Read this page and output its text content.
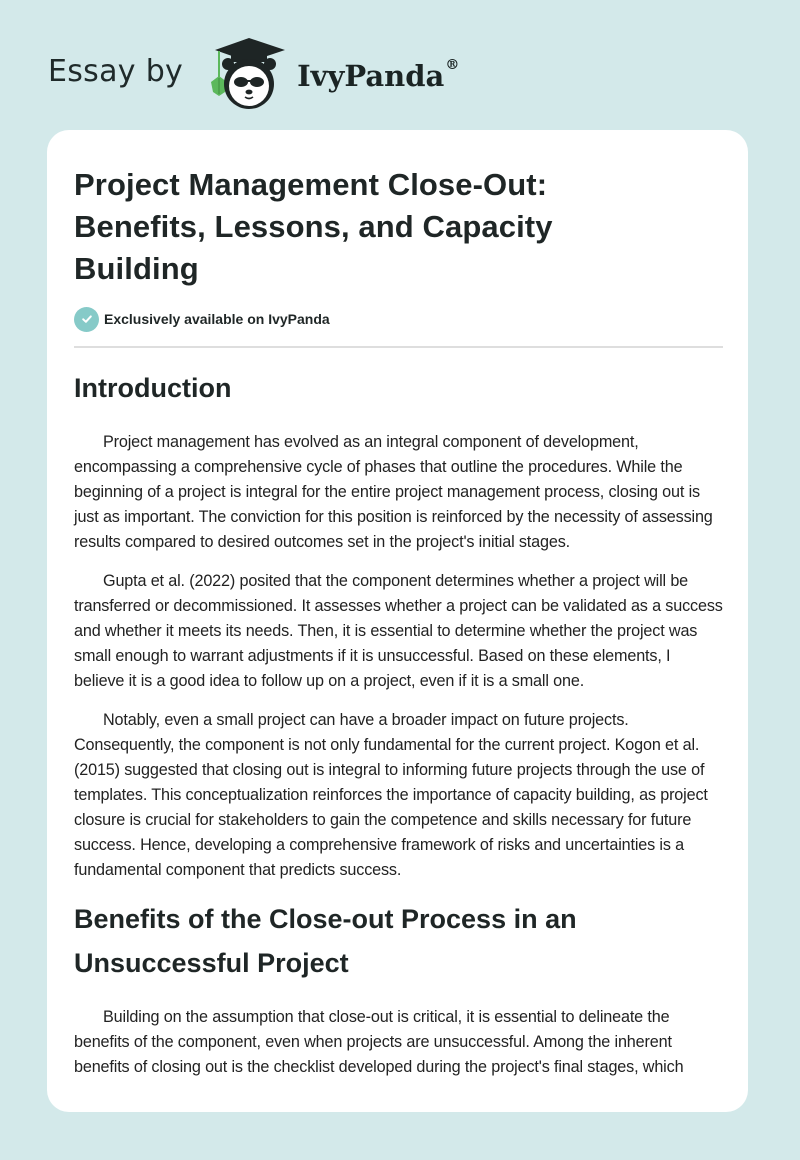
Essay by	IvyPanda®
Project Management Close-Out:
Benefits, Lessons, and Capacity
Building
Exclusively available on IvyPanda
Introduction

Project management has evolved as an integral component of development, encompassing a comprehensive cycle of phases that outline the procedures. While the beginning of a project is integral for the entire project management process, closing out is just as important. The conviction for this position is reinforced by the necessity of assessing results compared to desired outcomes set in the project's initial stages.

Gupta et al. (2022) posited that the component determines whether a project will be transferred or decommissioned. It assesses whether a project can be validated as a success and whether it meets its needs. Then, it is essential to determine whether the project was small enough to warrant adjustments if it is unsuccessful. Based on these elements, I believe it is a good idea to follow up on a project, even if it is a small one.

Notably, even a small project can have a broader impact on future projects. Consequently, the component is not only fundamental for the current project. Kogon et al. (2015) suggested that closing out is integral to informing future projects through the use of templates. This conceptualization reinforces the importance of capacity building, as project closure is crucial for stakeholders to gain the competence and skills necessary for future success. Hence, developing a comprehensive framework of risks and uncertainties is a fundamental component that predicts success.

Benefits of the Close-out Process in an
Unsuccessful Project

Building on the assumption that close-out is critical, it is essential to delineate the benefits of the component, even when projects are unsuccessful. Among the inherent benefits of closing out is the checklist developed during the project's final stages, which
